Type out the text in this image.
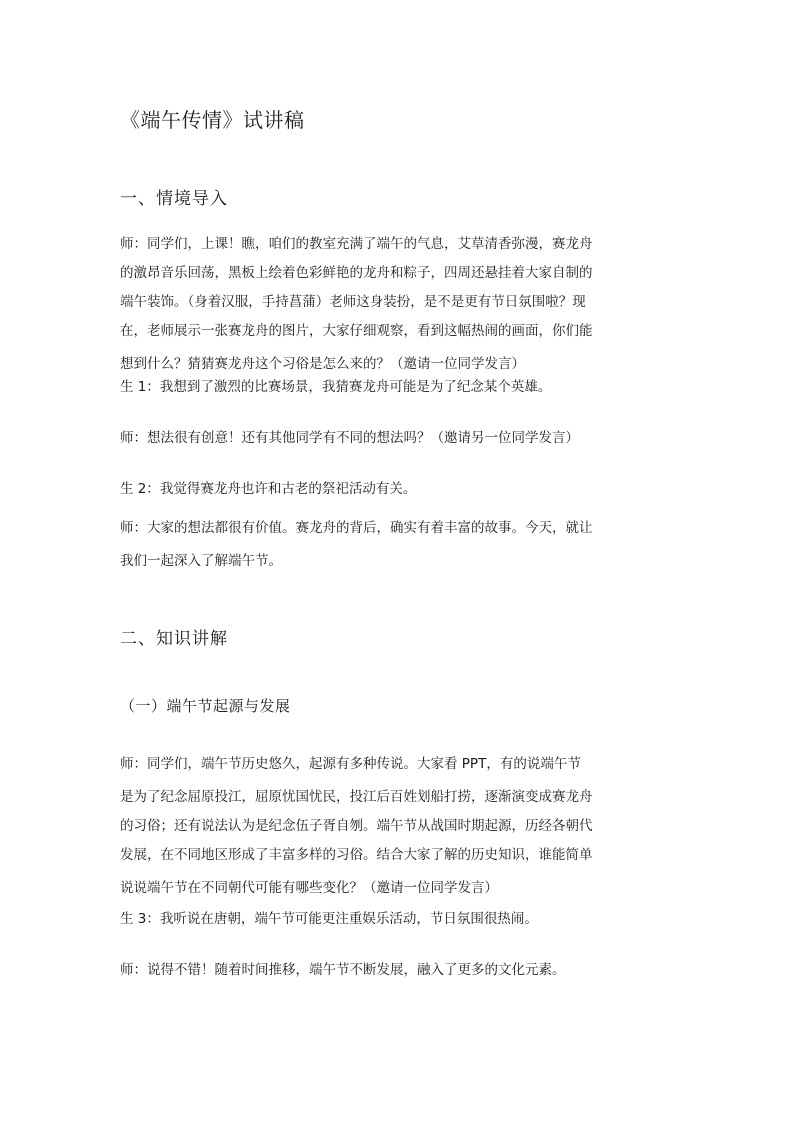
《端午传情》试讲稿
一、情境导入
师：同学们，上课！瞧，咱们的教室充满了端午的气息，艾草清香弥漫，赛龙舟
的激昂音乐回荡，黑板上绘着色彩鲜艳的龙舟和粽子，四周还悬挂着大家自制的
端午装饰。（身着汉服，手持菖蒲）老师这身装扮，是不是更有节日氛围啦？现
在，老师展示一张赛龙舟的图片，大家仔细观察，看到这幅热闹的画面，你们能
想到什么？猜猜赛龙舟这个习俗是怎么来的？（邀请一位同学发言）
生 1：我想到了激烈的比赛场景，我猜赛龙舟可能是为了纪念某个英雄。
师：想法很有创意！还有其他同学有不同的想法吗？（邀请另一位同学发言）
生 2：我觉得赛龙舟也许和古老的祭祀活动有关。
师：大家的想法都很有价值。赛龙舟的背后，确实有着丰富的故事。今天，就让
我们一起深入了解端午节。
二、知识讲解
（一）端午节起源与发展
师：同学们，端午节历史悠久，起源有多种传说。大家看 PPT，有的说端午节
是为了纪念屈原投江，屈原忧国忧民，投江后百姓划船打捞，逐渐演变成赛龙舟
的习俗；还有说法认为是纪念伍子胥自刎。端午节从战国时期起源，历经各朝代
发展，在不同地区形成了丰富多样的习俗。结合大家了解的历史知识，谁能简单
说说端午节在不同朝代可能有哪些变化？（邀请一位同学发言）
生 3：我听说在唐朝，端午节可能更注重娱乐活动，节日氛围很热闹。
师：说得不错！随着时间推移，端午节不断发展，融入了更多的文化元素。
